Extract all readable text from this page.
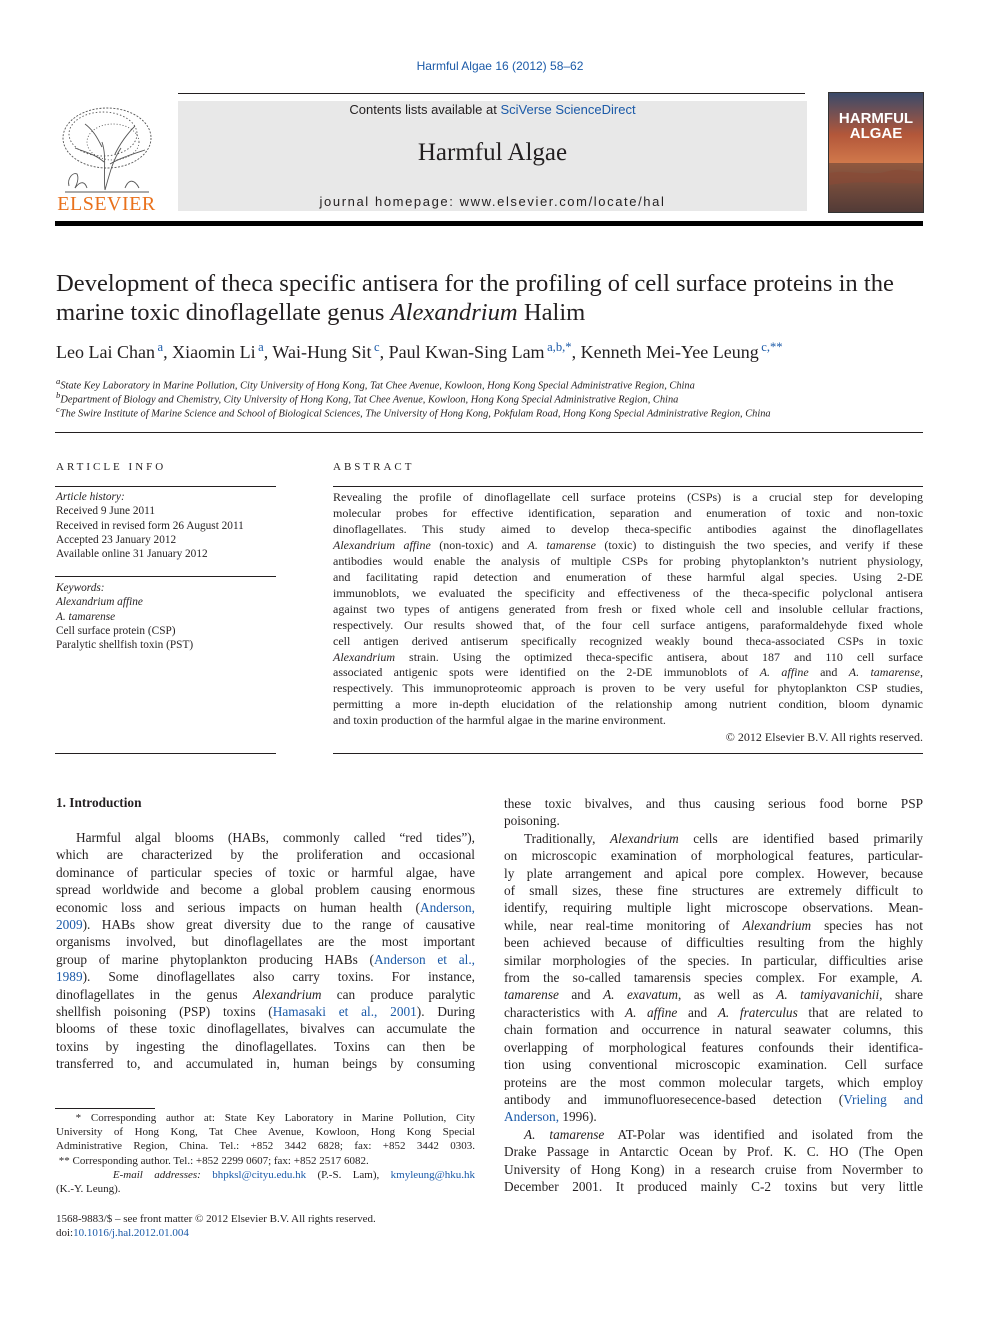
Harmful Algae 16 (2012) 58–62
Contents lists available at SciVerse ScienceDirect
Harmful Algae
journal homepage: www.elsevier.com/locate/hal
ELSEVIER
HARMFUL
ALGAE
Development of theca specific antisera for the profiling of cell surface proteins in the marine toxic dinoflagellate genus Alexandrium Halim
Leo Lai Chan $^a$, Xiaomin Li $^a$, Wai-Hung Sit $^c$, Paul Kwan-Sing Lam $^{a,b,*}$, Kenneth Mei-Yee Leung $^{c,**}$
$^a$State Key Laboratory in Marine Pollution, City University of Hong Kong, Tat Chee Avenue, Kowloon, Hong Kong Special Administrative Region, China
$^b$Department of Biology and Chemistry, City University of Hong Kong, Tat Chee Avenue, Kowloon, Hong Kong Special Administrative Region, China
$^c$The Swire Institute of Marine Science and School of Biological Sciences, The University of Hong Kong, Pokfulam Road, Hong Kong Special Administrative Region, China
ARTICLE INFO
Article history:
Received 9 June 2011
Received in revised form 26 August 2011
Accepted 23 January 2012
Available online 31 January 2012
Keywords:
Alexandrium affine
A. tamarense
Cell surface protein (CSP)
Paralytic shellfish toxin (PST)
ABSTRACT
Revealing the profile of dinoflagellate cell surface proteins (CSPs) is a crucial step for developing
molecular probes for effective identification, separation and enumeration of toxic and non-toxic
dinoflagellates. This study aimed to develop theca-specific antibodies against the dinoflagellates
Alexandrium affine (non-toxic) and A. tamarense (toxic) to distinguish the two species, and verify if these
antibodies would enable the analysis of multiple CSPs for probing phytoplankton’s nutrient physiology,
and facilitating rapid detection and enumeration of these harmful algal species. Using 2-DE
immunoblots, we evaluated the specificity and effectiveness of the theca-specific polyclonal antisera
against two types of antigens generated from fresh or fixed whole cell and insoluble cellular fractions,
respectively. Our results showed that, of the four cell surface antigens, paraformaldehyde fixed whole
cell antigen derived antiserum specifically recognized weakly bound theca-associated CSPs in toxic
Alexandrium strain. Using the optimized theca-specific antisera, about 187 and 110 cell surface
associated antigenic spots were identified on the 2-DE immunoblots of A. affine and A. tamarense,
respectively. This immunoproteomic approach is proven to be very useful for phytoplankton CSP studies,
permitting a more in-depth elucidation of the relationship among nutrient condition, bloom dynamic
and toxin production of the harmful algae in the marine environment.
© 2012 Elsevier B.V. All rights reserved.
1. Introduction
Harmful algal blooms (HABs, commonly called “red tides”),
which are characterized by the proliferation and occasional
dominance of particular species of toxic or harmful algae, have
spread worldwide and become a global problem causing enormous
economic loss and serious impacts on human health (Anderson,
2009). HABs show great diversity due to the range of causative
organisms involved, but dinoflagellates are the most important
group of marine phytoplankton producing HABs (Anderson et al.,
1989). Some dinoflagellates also carry toxins. For instance,
dinoflagellates in the genus Alexandrium can produce paralytic
shellfish poisoning (PSP) toxins (Hamasaki et al., 2001). During
blooms of these toxic dinoflagellates, bivalves can accumulate the
toxins by ingesting the dinoflagellates. Toxins can then be
transferred to, and accumulated in, human beings by consuming
these toxic bivalves, and thus causing serious food borne PSP
poisoning.
Traditionally, Alexandrium cells are identified based primarily
on microscopic examination of morphological features, particular-
ly plate arrangement and apical pore complex. However, because
of small sizes, these fine structures are extremely difficult to
identify, requiring multiple light microscope observations. Mean-
while, near real-time monitoring of Alexandrium species has not
been achieved because of difficulties resulting from the highly
similar morphologies of the species. In particular, difficulties arise
from the so-called tamarensis species complex. For example, A.
tamarense and A. exavatum, as well as A. tamiyavanichii, share
characteristics with A. affine and A. fraterculus that are related to
chain formation and occurrence in natural seawater columns, this
overlapping of morphological features confounds their identifica-
tion using conventional microscopic examination. Cell surface
proteins are the most common molecular targets, which employ
antibody and immunofluoresecence-based detection (Vrieling and
Anderson, 1996).
A. tamarense AT-Polar was identified and isolated from the
Drake Passage in Antarctic Ocean by Prof. K. C. HO (The Open
University of Hong Kong) in a research cruise from Novermber to
December 2001. It produced mainly C-2 toxins but very little
* Corresponding author at: State Key Laboratory in Marine Pollution, City
University of Hong Kong, Tat Chee Avenue, Kowloon, Hong Kong Special
Administrative Region, China. Tel.: +852 3442 6828; fax: +852 3442 0303.
** Corresponding author. Tel.: +852 2299 0607; fax: +852 2517 6082.
E-mail addresses: bhpksl@cityu.edu.hk (P.-S. Lam), kmyleung@hku.hk
(K.-Y. Leung).
1568-9883/$ – see front matter © 2012 Elsevier B.V. All rights reserved.
doi:10.1016/j.hal.2012.01.004
